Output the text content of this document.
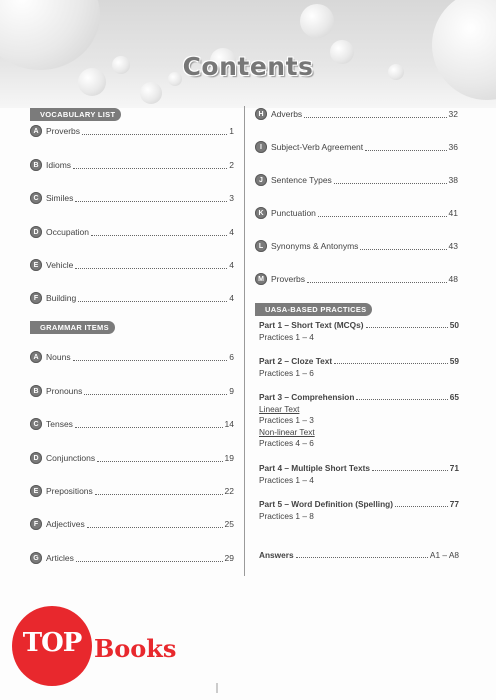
Contents
VOCABULARY LIST
A Proverbs	1
B Idioms	2
C Similes	3
D Occupation	4
E Vehicle	4
F Building	4
GRAMMAR ITEMS
A Nouns	6
B Pronouns	9
C Tenses	14
D Conjunctions	19
E Prepositions	22
F Adjectives	25
G Articles	29
H Adverbs	32
I	Subject-Verb Agreement	36
J Sentence Types	38
K Punctuation	41
L Synonyms & Antonyms	43
M Proverbs	48
UASA-BASED PRACTICES
Part 1 – Short Text (MCQs)	50
Practices 1 – 4
Part 2 – Cloze Text	59
Practices 1 – 6
Part 3 – Comprehension	65
Linear Text
Practices 1 – 3
Non-linear Text
Practices 4 – 6
Part 4 – Multiple Short Texts	71
Practices 1 – 4
Part 5 – Word Definition (Spelling)	77
Practices 1 – 8
Answers	A1 – A8
TOP Books
